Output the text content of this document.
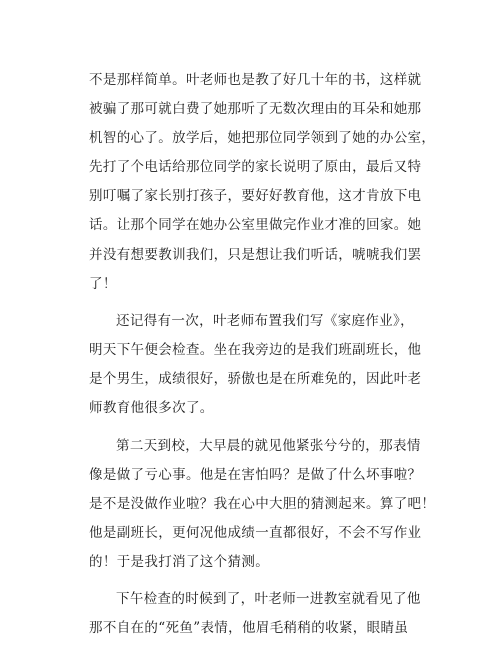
不是那样简单。叶老师也是教了好几十年的书，这样就
被骗了那可就白费了她那听了无数次理由的耳朵和她那
机智的心了。放学后，她把那位同学领到了她的办公室，
先打了个电话给那位同学的家长说明了原由，最后又特
别叮嘱了家长别打孩子，要好好教育他，这才肯放下电
话。让那个同学在她办公室里做完作业才准的回家。她
并没有想要教训我们，只是想让我们听话，唬唬我们罢
了！
还记得有一次，叶老师布置我们写《家庭作业》，
明天下午便会检查。坐在我旁边的是我们班副班长，他
是个男生，成绩很好，骄傲也是在所难免的，因此叶老
师教育他很多次了。
第二天到校，大早晨的就见他紧张兮兮的，那表情
像是做了亏心事。他是在害怕吗？是做了什么坏事啦？
是不是没做作业啦？我在心中大胆的猜测起来。算了吧！
他是副班长，更何况他成绩一直都很好，不会不写作业
的！于是我打消了这个猜测。
下午检查的时候到了，叶老师一进教室就看见了他
那不自在的“死鱼”表情，他眉毛稍稍的收紧，眼睛虽
